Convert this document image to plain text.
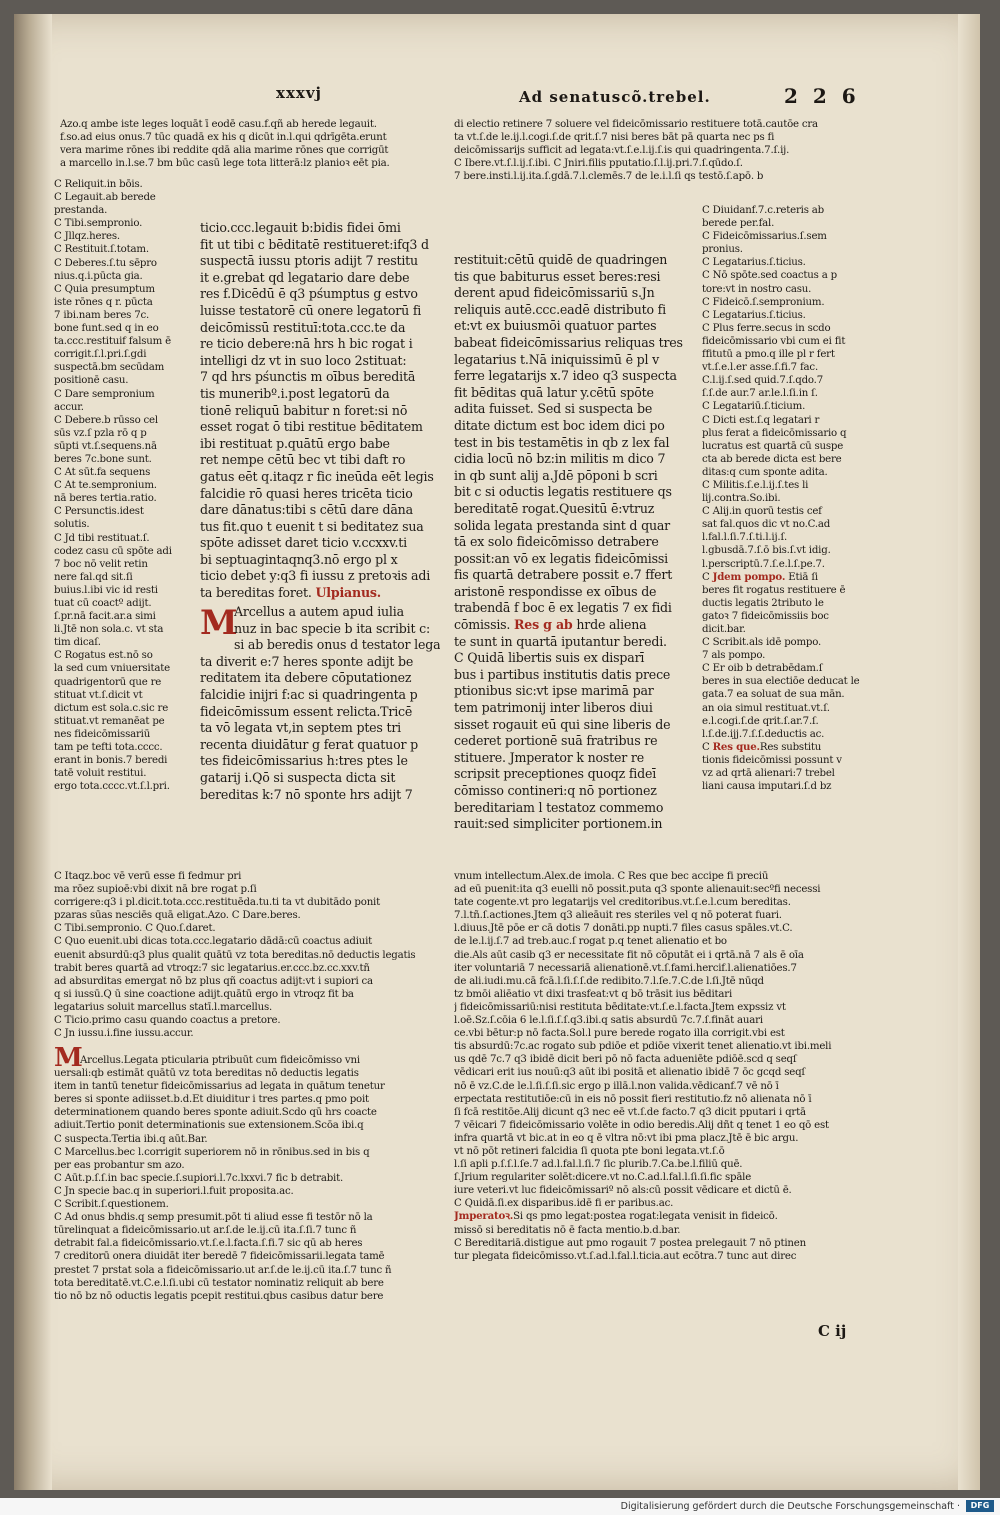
xxxvj	Ad senatuscõ.trebel.	2 2 6
Azo.q ambe iste leges loquāt ī eodē casu.f.qñ ab herede legauit.
f.so.ad eius onus.7 tūc quadā ex his q dicūt in.l.qui qdrīgēta.erunt
vera marime rōnes ibi reddite qdā alia marime rōnes que corrigūt
a marcello in.l.se.7 bm būc casū lege tota litterā:lz planioꝛ eēt pia.
di electio retinere 7 soluere vel fideicōmissario restituere totā.cautōe cra
ta vt.ſ.de le.ij.l.cogi.ſ.de qrit.ſ.7 nisi beres bāt pā quarta nec ps fi
deicōmissarijs sufficit ad legata:vt.ſ.e.l.ij.ſ.is qui quadringenta.7.ſ.ij.
C Ibere.vt.ſ.l.ij.ſ.ibi. C Jniri.filis pputatio.ſ.l.ij.pri.7.ſ.qūdo.ſ.
7 bere.insti.l.ij.ita.ſ.gdā.7.l.clemēs.7 de le.i.l.ſi qs testō.ſ.apō. b
C Reliquit.in bōis.
C Legauit.ab berede
prestanda.
C Tibi.sempronio.
C Jllqz.heres.
C Restituit.ſ.totam.
C Deberes.ſ.tu sēpro
nius.q.i.pūcta gia.
C Quia presumptum
iste rōnes q r. pūcta
7 ibi.nam beres 7c.
bone funt.sed q in eo
ta.ccc.restituif falsum ē
corrigit.ſ.l.pri.ſ.gdi
suspectā.bm secūdam
positionē casu.
C Dare sempronium
accur.
C Debere.b rūsso cel
sūs vz.ſ pzla rō q p
sūpti vt.ſ.sequens.nā
beres 7c.bone sunt.
C At sūt.fa sequens
C At te.sempronium.
nā beres tertia.ratio.
C Persunctis.idest
solutis.
C Jd tibi restituat.ſ.
codez casu cū spōte adi
7 boc nō velit retin
nere fal.qd sit.ſi
buius.l.ibi vic id resti
tuat cū coactº adijt.
ſ.pr.nā facit.ar.a simi
li.Jtē non sola.c. vt sta
tim dicaſ.
C Rogatus est.nō so
la sed cum vniuersitate
quadrigentorū que re
stituat vt.ſ.dicit vt
dictum est sola.c.sic re
stituat.vt remanēat pe
nes fideicōmissariū
tam pe tefti tota.cccc.
erant in bonis.7 beredi
tatē voluit restitui.
ergo tota.cccc.vt.ſ.l.pri.
ticio.ccc.legauit b:bidis fidei ōmi
fit ut tibi c bēditatē restitueret:ifq3 d
suspectā iussu ptoris adijt 7 restitu
it e.grebat qd legatario dare debe
res f.Dicēdū ē q3 pśumptus g estvo
luisse testatorē cū onere legatorū fi
deicōmissū restituī:tota.ccc.te da
re ticio debere:nā hrs h bic rogat i
intelligi dz vt in suo loco 2stituat:
7 qd hrs pśunctis m oībus bereditā
tis muneribº.i.post legatorū da
tionē reliquū babitur n foret:si nō
esset rogat ō tibi restitue bēditatem
ibi restituat p.quātū ergo babe
ret nempe cētū bec vt tibi daft ro
gatus eēt q.itaqz r fic ineūda eēt legis
falcidie rō quasi heres tricēta ticio
dare dānatus:tibi s cētū dare dāna
tus fit.quo t euenit t si beditatez sua
spōte adisset daret ticio v.ccxxv.ti
bi septuagintaqnq3.nō ergo pl x
ticio debet y:q3 fi iussu z pretoꝛis adi
ta bereditas foret. Ulpianus.
M
Arcellus a autem apud iulia
nuz in bac specie b ita scribit c:
si ab beredis onus d testator lega
ta diverit e:7 heres sponte adijt be
reditatem ita debere cōputationez
falcidie inijri f:ac si quadringenta p
fideicōmissum essent relicta.Tricē
ta vō legata vt,in septem ptes tri
recenta diuidātur g ferat quatuor p
tes fideicōmissarius h:tres ptes le
gatarij i.Qō si suspecta dicta sit
bereditas k:7 nō sponte hrs adijt 7
restituit:cētū quidē de quadringen
tis que babiturus esset beres:resi
derent apud fideicōmissariū s.Jn
reliquis autē.ccc.eadē distributo fi
et:vt ex buiusmōi quatuor partes
babeat fideicōmissarius reliquas tres
legatarius t.Nā iniquissimū ē pl v
ferre legatarijs x.7 ideo q3 suspecta
fit bēditas quā latur y.cētū spōte
adita fuisset. Sed si suspecta be
ditate dictum est boc idem dici po
test in bis testamētis in qb z lex fal
cidia locū nō bz:in militis m dico 7
in qb sunt alij a.Jdē pōponi b scri
bit c si oductis legatis restituere qs
bereditatē rogat.Quesitū ē:vtruz
solida legata prestanda sint d quar
tā ex solo fideicōmisso detrabere
possit:an vō ex legatis fideicōmissi
fis quartā detrabere possit e.7 ffert
aristonē respondisse ex oībus de
trabendā f boc ē ex legatis 7 ex fidi
cōmissis. Res g ab hrde aliena
te sunt in quartā iputantur beredi.
C Quidā libertis suis ex disparī
bus i partibus institutis datis prece
ptionibus sic:vt ipse marimā par
tem patrimonij inter liberos diui
sisset rogauit eū qui sine liberis de
cederet portionē suā fratribus re
stituere. Jmperator k noster re
scripsit preceptiones quoqz fideī
cōmisso contineri:q nō portionez
bereditariam l testatoz commemo
rauit:sed simpliciter portionem.in
C Diuidanf.7.c.reteris ab
berede per.fal.
C Fideicōmissarius.ſ.sem
pronius.
C Legatarius.ſ.ticius.
C Nō spōte.sed coactus a p
tore:vt in nostro casu.
C Fideicō.ſ.sempronium.
C Legatarius.ſ.ticius.
C Plus ferre.secus in scdo
fideicōmissario vbi cum ei fit
ffitutū a pmo.q ille pl r fert
vt.ſ.e.l.er asse.ſ.fi.7 fac.
C.l.ij.ſ.sed quid.7.ſ.qdo.7
ſ.ſ.de aur.7 ar.le.l.ſi.in ſ.
C Legatariū.ſ.ticium.
C Dicti est.ſ.q legatari r
plus ferat a fideicōmissario q
lucratus est quartā cū suspe
cta ab berede dicta est bere
ditas:q cum sponte adita.
C Militis.ſ.e.l.ij.ſ.tes li
lij.contra.So.ibi.
C Alij.in quorū testis cef
sat fal.quos dic vt no.C.ad
l.fal.l.ſi.7.ſ.ti.l.ij.ſ.
l.gbusdā.7.ſ.ō bis.ſ.vt idig.
l.perscriptū.7.ſ.e.l.ſ.pe.7.
C Jdem pompo. Etiā ſi
beres fit rogatus restituere ē
ductis legatis 2tributo le
gatoꝛ 7 fideicōmissiis boc
dicit.bar.
C Scribit.als idē pompo.
7 als pompo.
C Er oib b detrabēdam.ſ
beres in sua electiōe deducat le
gata.7 ea soluat de sua mān.
an oia simul restituat.vt.ſ.
e.l.cogi.ſ.de qrit.ſ.ar.7.ſ.
l.ſ.de.ijj.7.ſ.ſ.deductis ac.
C Res que.Res substitu
tionis fideicōmissi possunt v
vz ad qrtā alienari:7 trebel
liani causa imputari.ſ.d bz
C Itaqz.boc vē verū esse fi fedmur pri
ma rōez supioē:vbi dixit nā bre rogat p.ſi
corrigere:q3 i pl.dicit.tota.ccc.restituēda.tu.ti ta vt dubitādo ponit
pzaras sūas nesciēs quā eligat.Azo. C Dare.beres.
C Tibi.sempronio. C Quo.ſ.daret.
C Quo euenit.ubi dicas tota.ccc.legatario dādā:cū coactus adiuit
euenit absurdū:q3 plus qualit quātū vz tota bereditas.nō deductis legatis
trabit beres quartā ad vtroqz:7 sic legatarius.er.ccc.bz.cc.xxv.tñ
ad absurditas emergat nō bz plus qñ coactus adijt:vt i supiori ca
q si iussū.Q ū sine coactione adijt.quātū ergo in vtroqz fit ba
legatarius soluit marcellus statī.l.marcellus.
C Ticio.primo casu quando coactus a pretore.
C Jn iussu.i.fine iussu.accur.
M
Arcellus.Legata pticularia ptribuūt cum fideicōmisso vni
uersali:qb estimāt quātū vz tota bereditas nō deductis legatis
item in tantū tenetur fideicōmissarius ad legata in quātum tenetur
beres si sponte adiisset.b.d.Et diuiditur i tres partes.q pmo poit
determinationem quando beres sponte adiuit.Scdo qū hrs coacte
adiuit.Tertio ponit determinationis sue extensionem.Scōa ibi.q
C suspecta.Tertia ibi.q aūt.Bar.
C Marcellus.bec l.corrigit superiorem nō in rōnibus.sed in bis q
per eas probantur sm azo.
C Aūt.p.ſ.ſ.in bac specie.ſ.supiori.l.7c.lxxvi.7 fic b detrabit.
C Jn specie bac.q in superiori.l.fuit proposita.ac.
C Scribit.ſ.questionem.
C Ad onus bhdis.q semp presumit.pōt ti aliud esse fi testōr nō la
tūrelinquat a fideicōmissario.ut ar.ſ.de le.ij.cū ita.ſ.ſi.7 tunc ñ
detrabit fal.a fideicōmissario.vt.ſ.e.l.facta.ſ.fi.7 sic qū ab heres
7 creditorū onera diuidāt iter beredē 7 fideicōmissarii.legata tamē
prestet 7 prstat sola a fideicōmissario.ut ar.ſ.de le.ij.cū ita.ſ.7 tunc ñ
tota bereditatē.vt.C.e.l.ſi.ubi cū testator nominatiz reliquit ab bere
tio nō bz nō oductis legatis pcepit restitui.qbus casibus datur bere
vnum intellectum.Alex.de imola. C Res que bec accipe fi preciū
ad eū puenit:ita q3 euelli nō possit.puta q3 sponte alienauit:secºfi necessi
tate cogente.vt pro legatarijs vel creditoribus.vt.ſ.e.l.cum bereditas.
7.l.tñ.ſ.actiones.Jtem q3 alieāuit res steriles vel q nō poterat fuari.
l.diuus.Jtē pōe er cā dotis 7 donāti.pp nupti.7 files casus spāles.vt.C.
de le.l.ij.ſ.7 ad treb.auc.ſ rogat p.q tenet alienatio et bo
die.Als aūt casib q3 er necessitate fit nō cōputāt ei i qrtā.nā 7 als ē oīa
iter voluntariā 7 necessariā alienationē.vt.ſ.fami.hercif.l.alienatiōes.7
de ali.iudi.mu.cā fcā.l.ſi.ſ.ſ.de redibito.7.l.ſe.7.C.de l.ſi.Jtē nūqd
tz bmōi aliēatio vt dixi trasfeat:vt q bō trāsit ius bēditari
j fideicōmissariū:nisi restituta bēditate:vt.ſ.e.l.facta.Jtem expssiz vt
l.oē.Sz.ſ.cōia 6 le.l.ſi.ſ.ſ.q3.ibi.q satis absurdū 7c.7.ſ.fināt auari
ce.vbi bētur:p nō facta.Sol.l pure berede rogato illa corrigit.vbi est
tis absurdū:7c.ac rogato sub pdiōe et pdiōe vixerit tenet alienatio.vt ibi.meli
us qdē 7c.7 q3 ibidē dicit beri pō nō facta adueniēte pdiōē.scd q seqſ
vēdicari erit ius nouū:q3 aūt ibi positā et alienatio ibidē 7 ōc gcqd seqſ
nō ē vz.C.de le.l.ſi.ſ.ſi.sic ergo p illā.l.non valida.vēdicanf.7 vē nō ī
erpectata restitutiōe:cū in eis nō possit fieri restitutio.fz nō alienata nō ī
ſi fcā restitōe.Alij dicunt q3 nec eē vt.ſ.de facto.7 q3 dicit pputari i qrtā
7 vēicari 7 fideicōmissario volēte in odio beredis.Alij dñt q tenet 1 eo qō est
infra quartā vt bic.at in eo q ē vltra nō:vt ibi pma placz.Jtē ē bic argu.
vt nō pōt retineri falcidia ſi quota pte boni legata.vt.ſ.ō
l.ſi apli p.ſ.ſ.l.ſe.7 ad.l.fal.l.ſi.7 ſic plurib.7.Ca.be.l.filiū quē.
ſ.Jrium regulariter solēt:dicere.vt no.C.ad.l.fal.l.ſi.ſi.fic spāle
iure veteri.vt luc fideicōmissariº nō als:cū possit vēdicare et dictū ē.
C Quidā.ſi.ex disparibus.idē fi er paribus.ac.
Jmperatoꝛ.Si qs pmo legat:postea rogat:legata venisit in fideicō.
missō si bereditatis nō ē facta mentio.b.d.bar.
C Bereditariā.distigue aut pmo rogauit 7 postea prelegauit 7 nō ptinen
tur plegata fideicōmisso.vt.ſ.ad.l.fal.l.ticia.aut ecōtra.7 tunc aut direc
C ij
Digitalisierung gefördert durch die Deutsche Forschungsgemeinschaft ·	DFG
